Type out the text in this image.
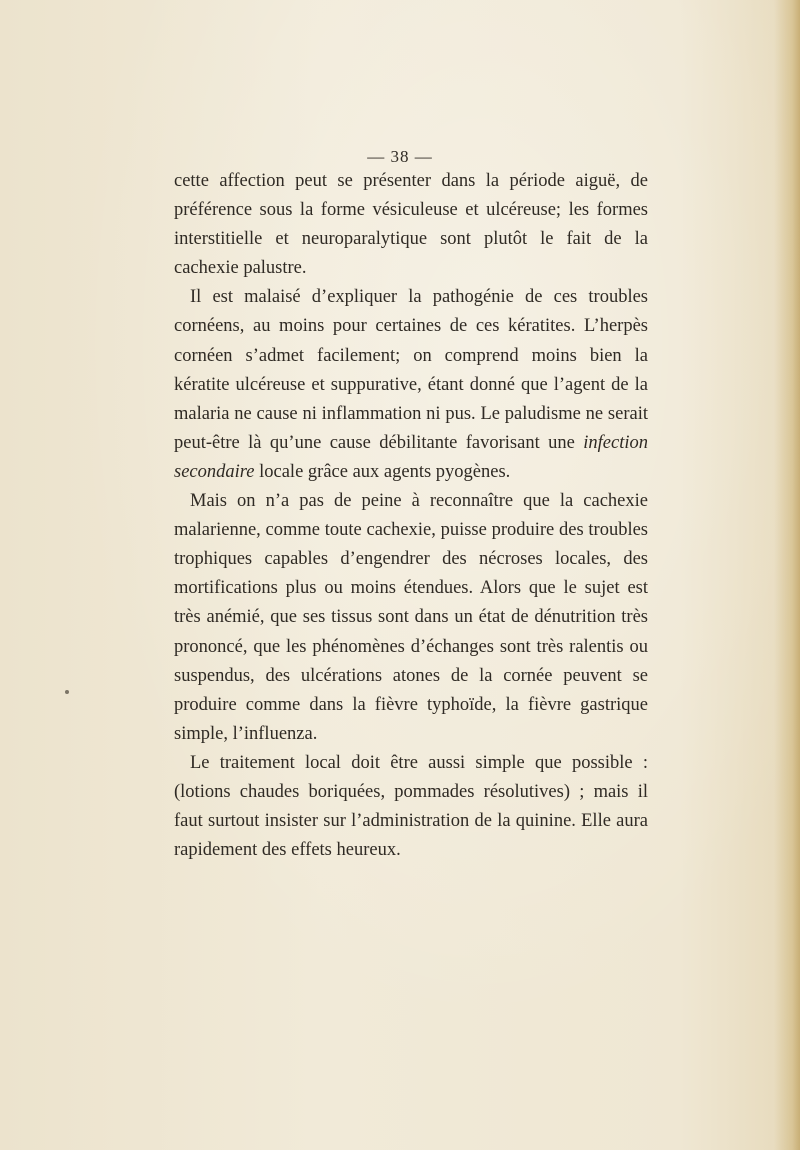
— 38 —

cette affection peut se présenter dans la période aiguë, de préférence sous la forme vésiculeuse et ulcéreuse; les formes interstitielle et neuroparalytique sont plutôt le fait de la cachexie palustre.

Il est malaisé d’expliquer la pathogénie de ces troubles cornéens, au moins pour certaines de ces kératites. L’herpès cornéen s’admet facilement; on comprend moins bien la kératite ulcéreuse et suppurative, étant donné que l’agent de la malaria ne cause ni inflammation ni pus. Le paludisme ne serait peut-être là qu’une cause débilitante favorisant une infection secondaire locale grâce aux agents pyogènes.

Mais on n’a pas de peine à reconnaître que la cachexie malarienne, comme toute cachexie, puisse produire des troubles trophiques capables d’engendrer des nécroses locales, des mortifications plus ou moins étendues. Alors que le sujet est très anémié, que ses tissus sont dans un état de dénutrition très prononcé, que les phénomènes d’échanges sont très ralentis ou suspendus, des ulcérations atones de la cornée peuvent se produire comme dans la fièvre typhoïde, la fièvre gastrique simple, l’influenza.

Le traitement local doit être aussi simple que possible : (lotions chaudes boriquées, pommades résolutives) ; mais il faut surtout insister sur l’administration de la quinine. Elle aura rapidement des effets heureux.
